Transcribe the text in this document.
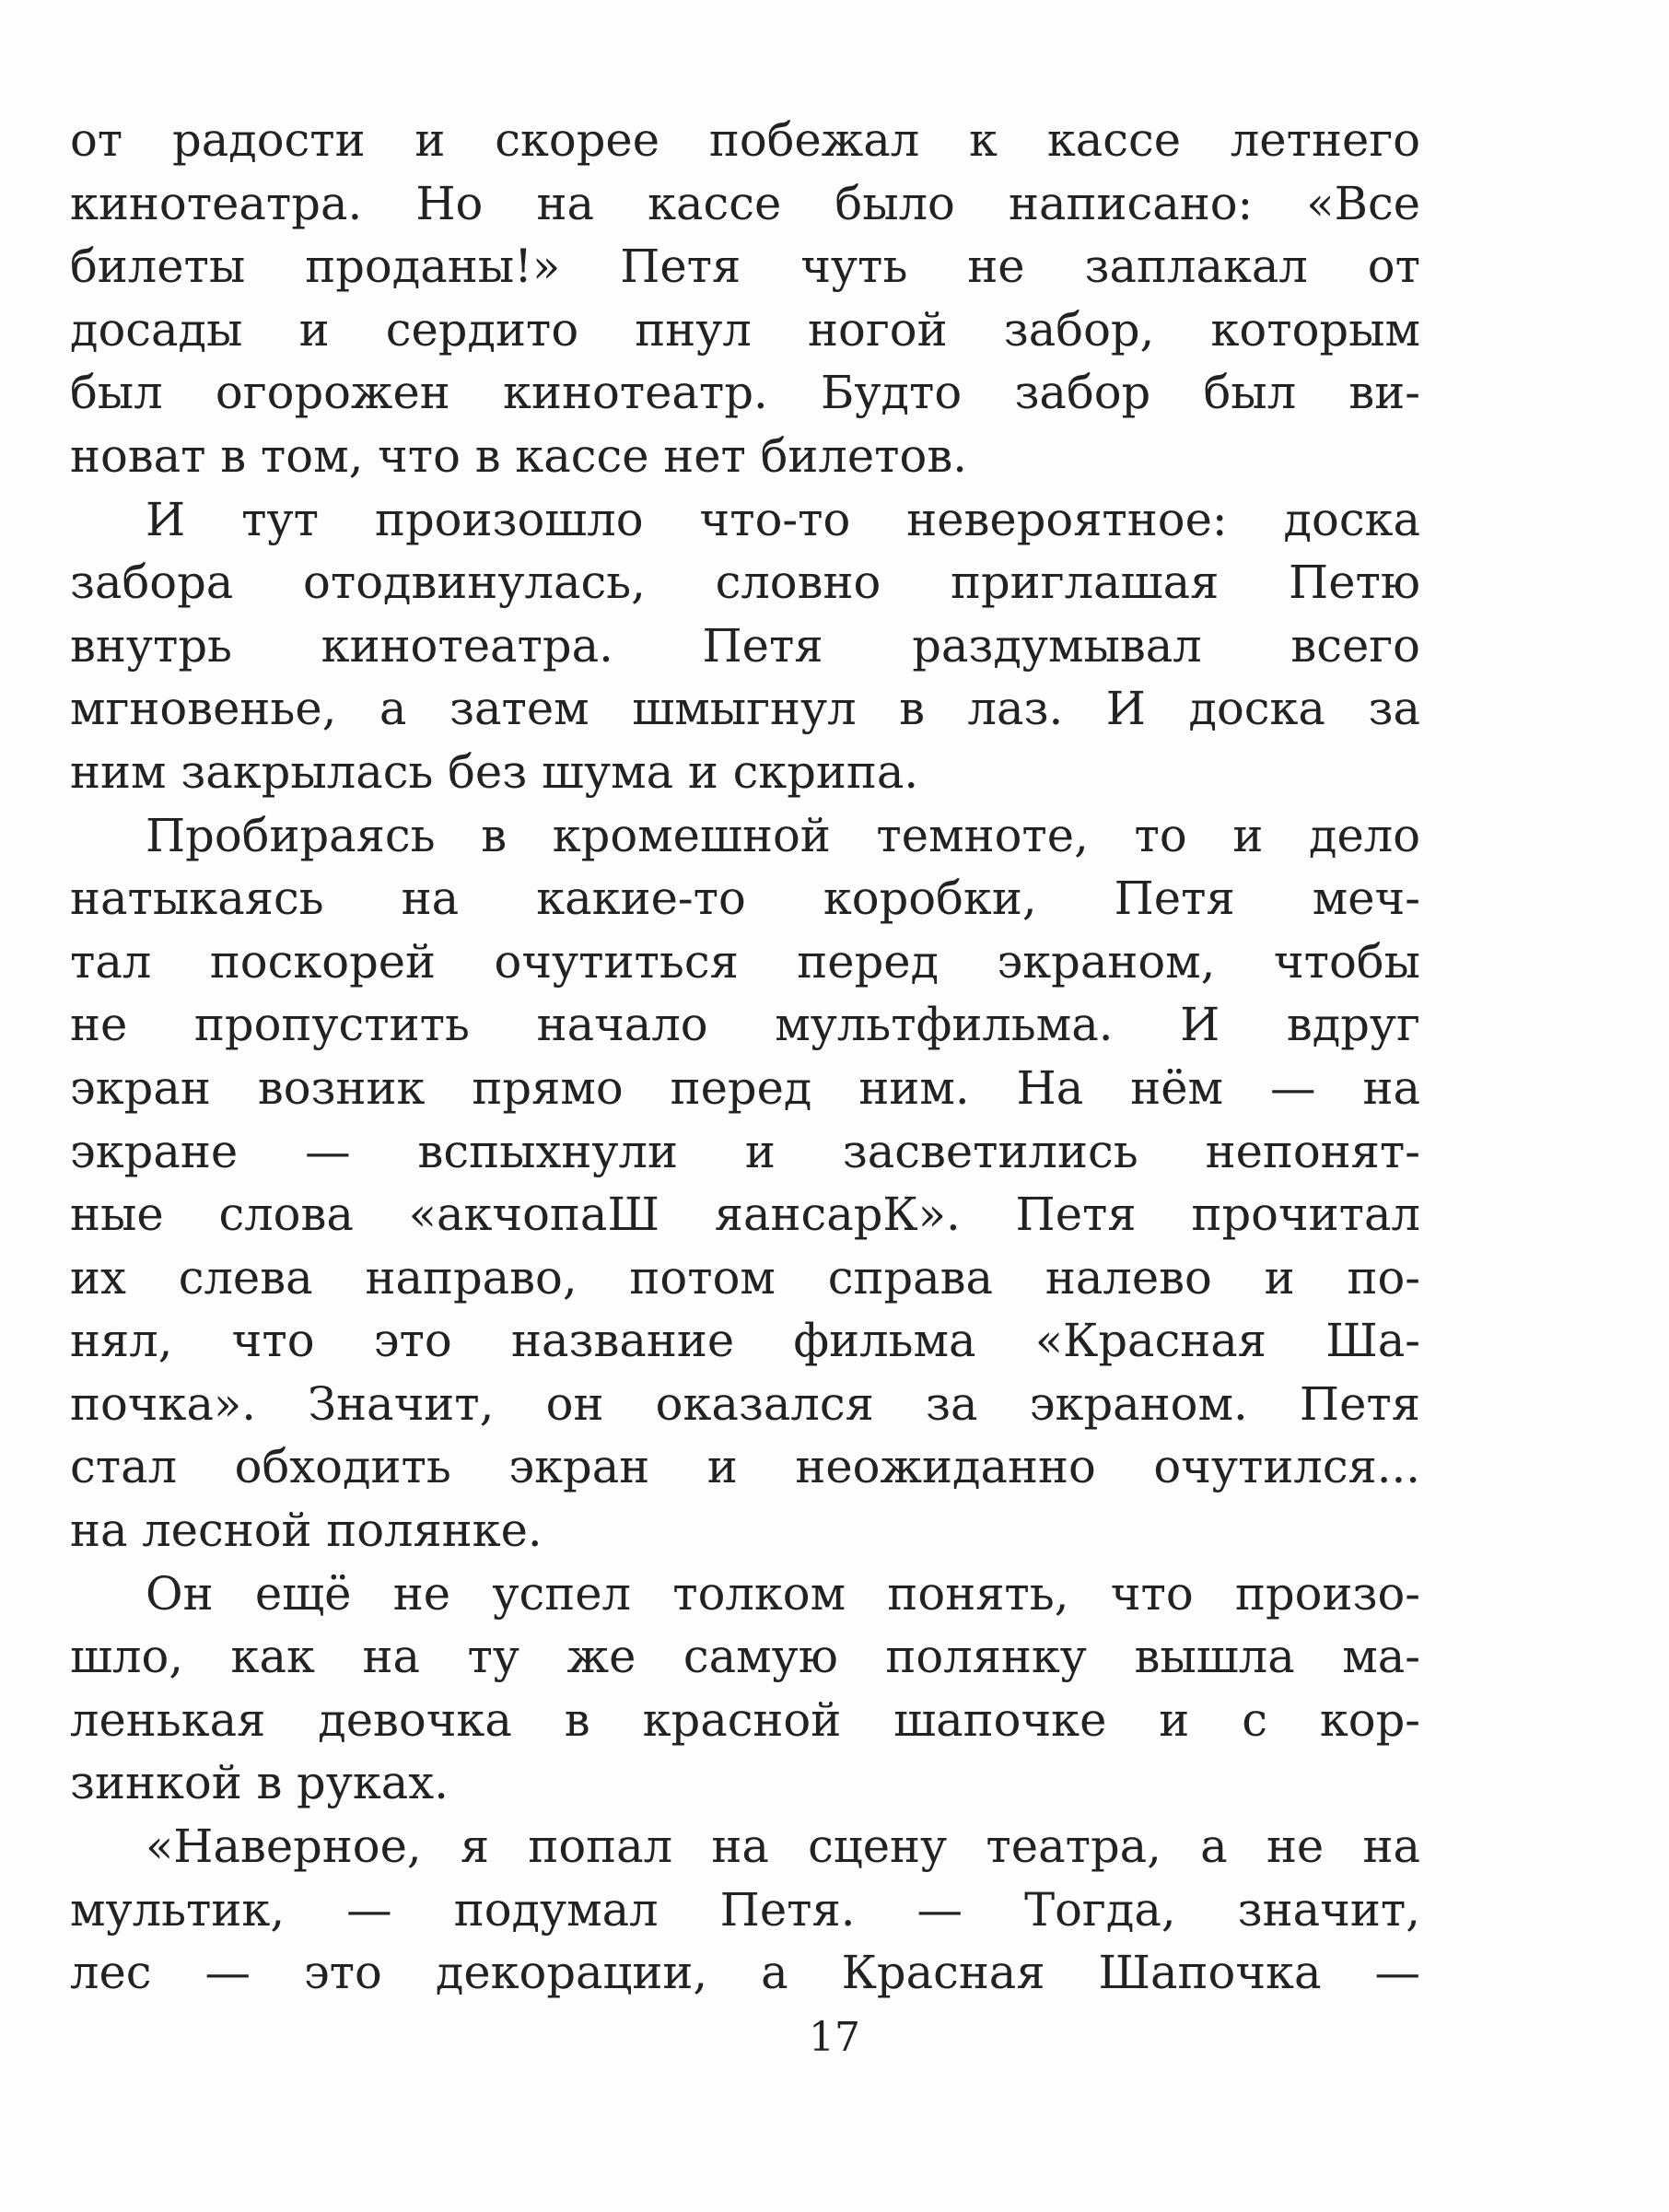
от радости и скорее побежал к кассе летнего
кинотеатра. Но на кассе было написано: «Все
билеты проданы!» Петя чуть не заплакал от
досады и сердито пнул ногой забор, которым
был огорожен кинотеатр. Будто забор был ви-
новат в том, что в кассе нет билетов.
И тут произошло что-то невероятное: доска
забора отодвинулась, словно приглашая Петю
внутрь кинотеатра. Петя раздумывал всего
мгновенье, а затем шмыгнул в лаз. И доска за
ним закрылась без шума и скрипа.
Пробираясь в кромешной темноте, то и дело
натыкаясь на какие-то коробки, Петя меч-
тал поскорей очутиться перед экраном, чтобы
не пропустить начало мультфильма. И вдруг
экран возник прямо перед ним. На нём — на
экране — вспыхнули и засветились непонят-
ные слова «акчопаШ яансарК». Петя прочитал
их слева направо, потом справа налево и по-
нял, что это название фильма «Красная Ша-
почка». Значит, он оказался за экраном. Петя
стал обходить экран и неожиданно очутился...
на лесной полянке.
Он ещё не успел толком понять, что произо-
шло, как на ту же самую полянку вышла ма-
ленькая девочка в красной шапочке и с кор-
зинкой в руках.
«Наверное, я попал на сцену театра, а не на
мультик, — подумал Петя. — Тогда, значит,
лес — это декорации, а Красная Шапочка —
17
